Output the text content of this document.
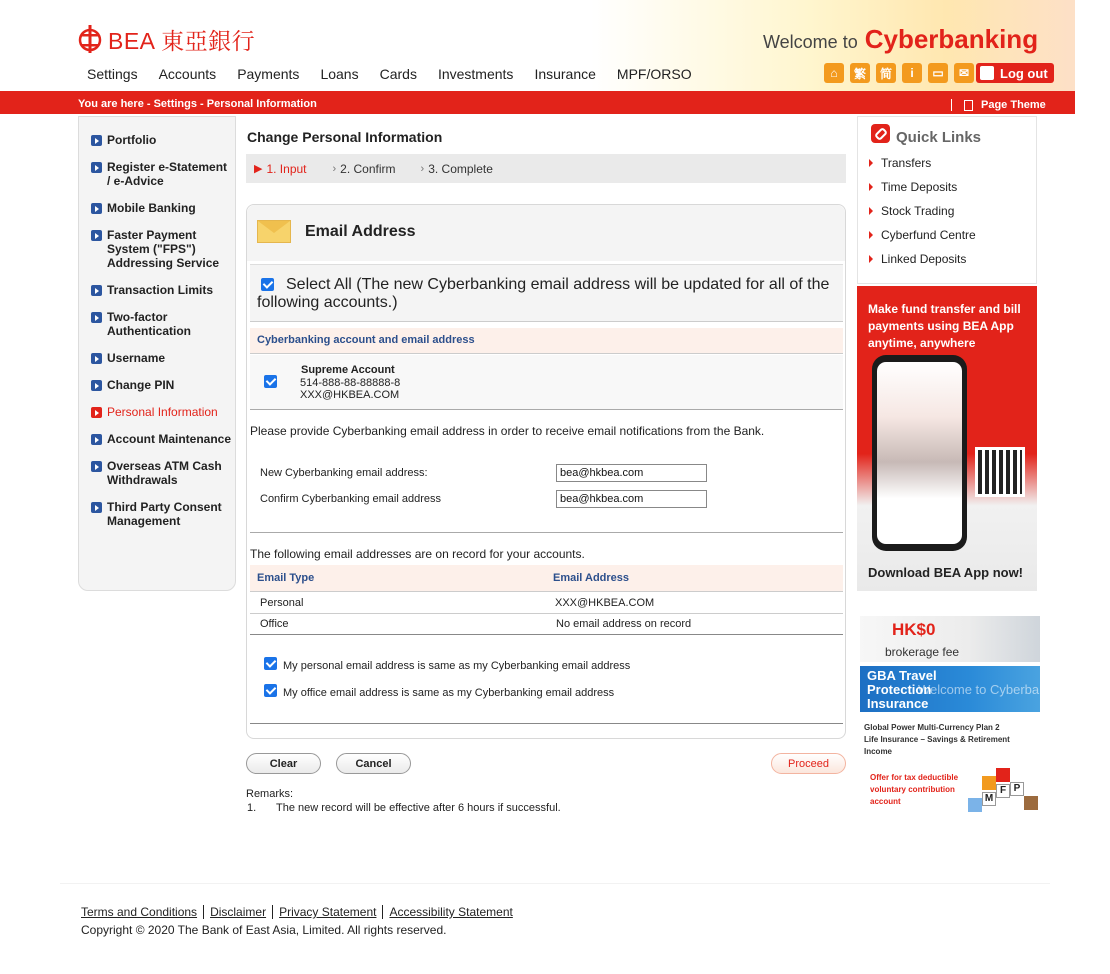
BEA 東亞銀行
Settings Accounts Payments Loans Cards Investments Insurance MPF/ORSO
Welcome to Cyberbanking
⌂	繁	简	i	▭	✉	Log out
You are here - Settings - Personal Information	Page Theme
Portfolio
Register e-Statement / e-Advice
Mobile Banking
Faster Payment System ("FPS") Addressing Service
Transaction Limits
Two-factor Authentication
Username
Change PIN
Personal Information
Account Maintenance
Overseas ATM Cash Withdrawals
Third Party Consent Management
Change Personal Information
▶ 1. Input › 2. Confirm › 3. Complete
Email Address
Select All (The new Cyberbanking email address will be updated for all of the following accounts.)
Cyberbanking account and email address
Supreme Account
514-888-88-88888-8
XXX@HKBEA.COM
Please provide Cyberbanking email address in order to receive email notifications from the Bank.
New Cyberbanking email address:
bea@hkbea.com
Confirm Cyberbanking email address
bea@hkbea.com
The following email addresses are on record for your accounts.
Email Type	Email Address
Personal	XXX@HKBEA.COM
Office	No email address on record
My personal email address is same as my Cyberbanking email address
My office email address is same as my Cyberbanking email address
Clear	Cancel	Proceed
Remarks:
1. The new record will be effective after 6 hours if successful.
Quick Links
Transfers
Time Deposits
Stock Trading
Cyberfund Centre
Linked Deposits
Make fund transfer and bill payments using BEA App anytime, anywhere
Download BEA App now!
HK$0
brokerage fee
Welcome to Cyberbanking
GBA Travel Protection Insurance
Global Power Multi-Currency Plan 2 Life Insurance – Savings & Retirement Income
Offer for tax deductible voluntary contribution account
P
F
M
Terms and Conditions Disclaimer Privacy Statement Accessibility Statement
Copyright © 2020 The Bank of East Asia, Limited. All rights reserved.
